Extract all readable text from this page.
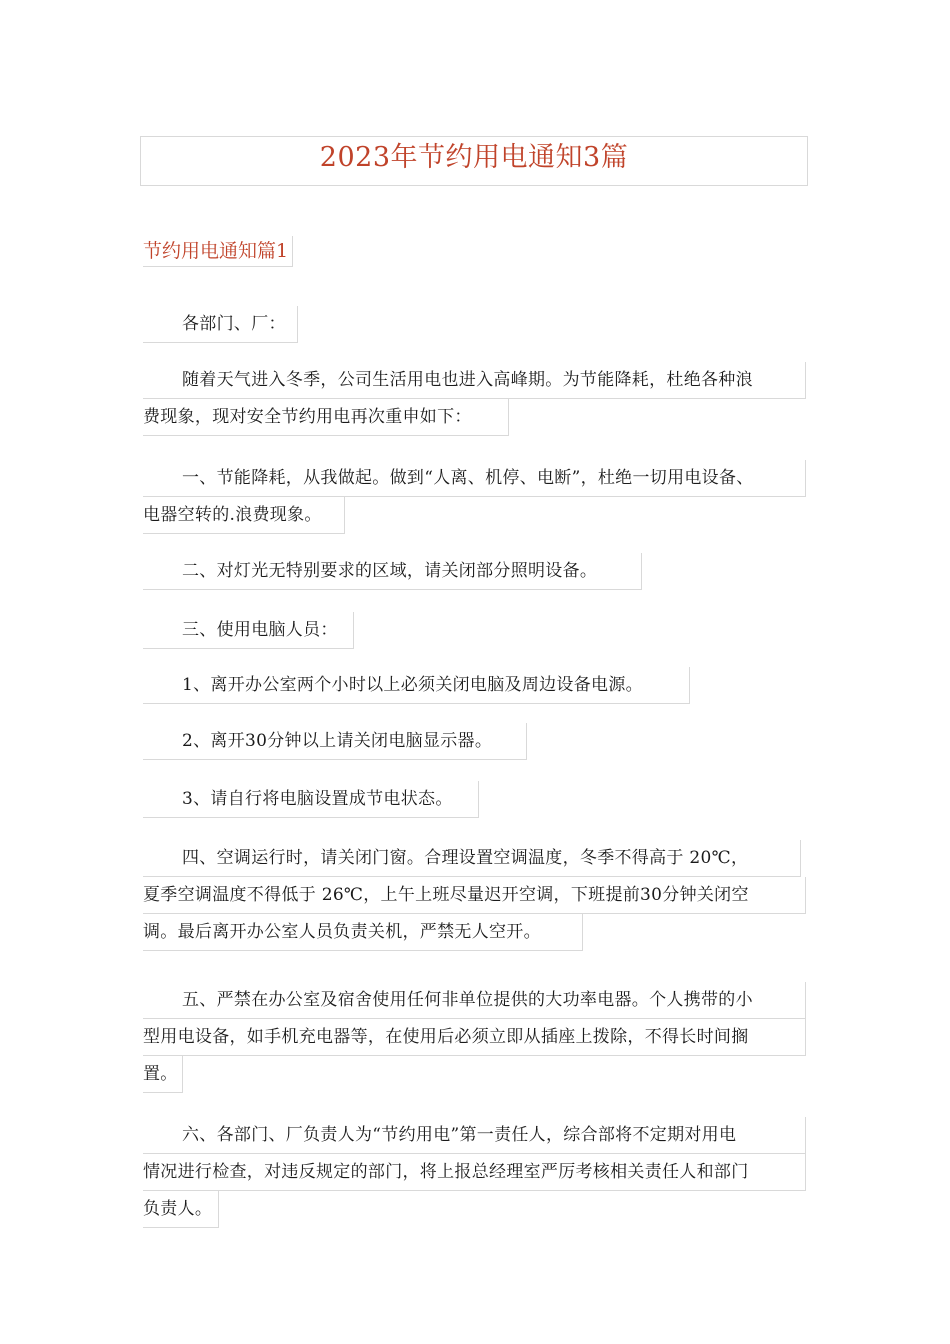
2023年节约用电通知3篇
节约用电通知篇1
各部门、厂：
随着天气进入冬季，公司生活用电也进入高峰期。为节能降耗，杜绝各种浪
费现象，现对安全节约用电再次重申如下：
一、节能降耗，从我做起。做到“人离、机停、电断”，杜绝一切用电设备、
电器空转的.浪费现象。
二、对灯光无特别要求的区域，请关闭部分照明设备。
三、使用电脑人员：
1、离开办公室两个小时以上必须关闭电脑及周边设备电源。
2、离开30分钟以上请关闭电脑显示器。
3、请自行将电脑设置成节电状态。
四、空调运行时，请关闭门窗。合理设置空调温度，冬季不得高于 20℃，
夏季空调温度不得低于 26℃，上午上班尽量迟开空调，下班提前30分钟关闭空
调。最后离开办公室人员负责关机，严禁无人空开。
五、严禁在办公室及宿舍使用任何非单位提供的大功率电器。个人携带的小
型用电设备，如手机充电器等，在使用后必须立即从插座上拨除，不得长时间搁
置。
六、各部门、厂负责人为“节约用电”第一责任人，综合部将不定期对用电
情况进行检查，对违反规定的部门，将上报总经理室严厉考核相关责任人和部门
负责人。
